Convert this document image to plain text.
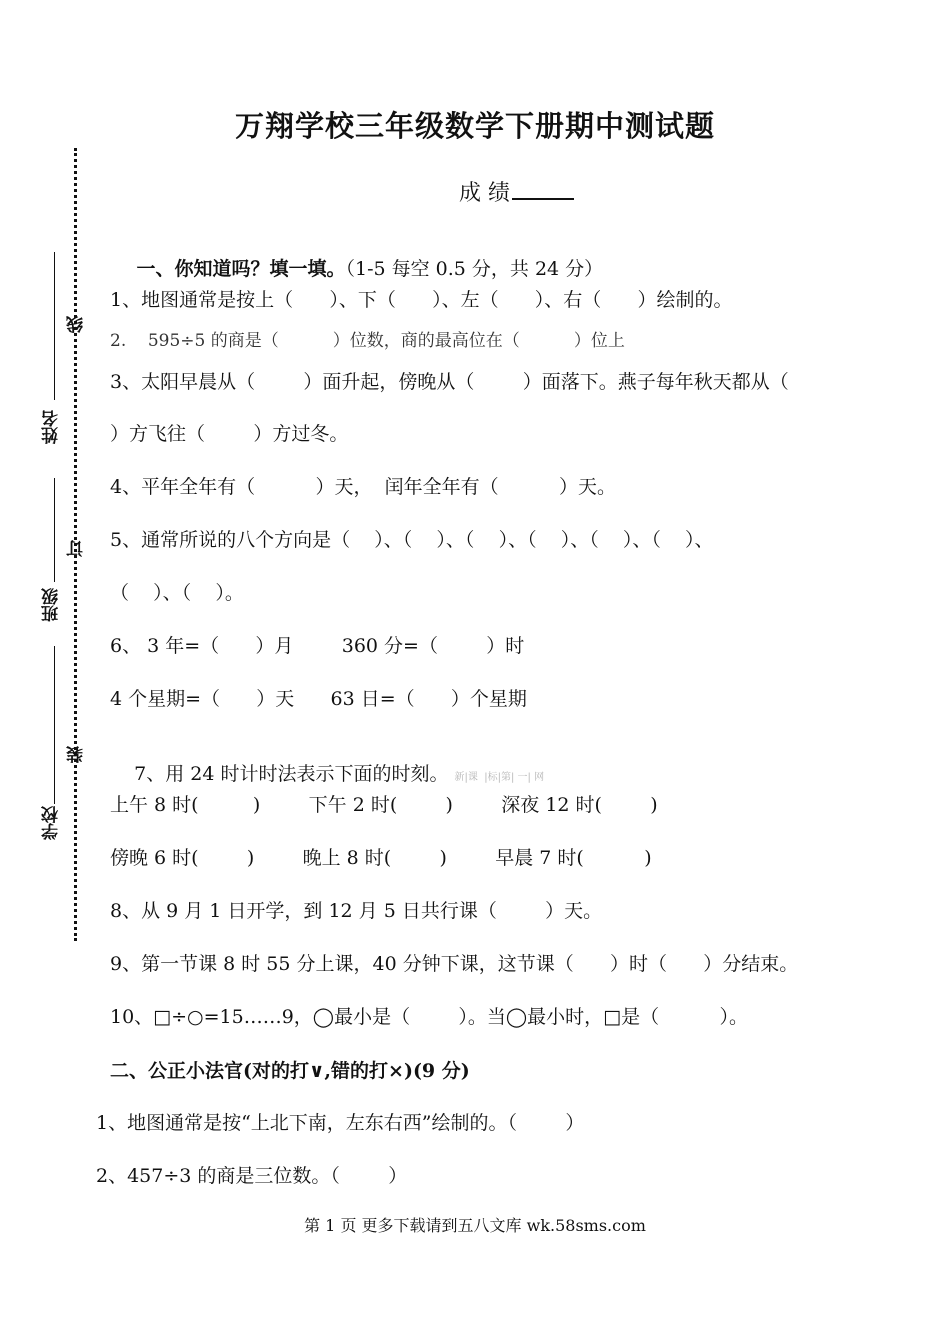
姓名
班级
学校
线
订
装
万翔学校三年级数学下册期中测试题
成 绩

一、你知道吗？填一填。（1-5 每空 0.5 分，共 24 分）

1、地图通常是按上（      ）、下（      ）、左（      ）、右（      ）绘制的。
2.    595÷5 的商是（          ）位数，商的最高位在（          ）位上
3、太阳早晨从（        ）面升起，傍晚从（        ）面落下。燕子每年秋天都从（
）方飞往（        ）方过冬。
4、平年全年有（          ）天，  闰年全年有（          ）天。
5、通常所说的八个方向是（    ）、（    ）、（    ）、（    ）、（    ）、（    ）、
（    ）、（    ）。
6、 3 年=（      ）月        360 分=（        ）时
4 个星期=（      ）天      63 日=（      ）个星期

7、用 24 时计时法表示下面的时刻。 新|课  |标|第| 一| 网

上午 8 时(         )        下午 2 时(        )        深夜 12 时(        )
傍晚 6 时(        )        晚上 8 时(        )        早晨 7 时(          )
8、从 9 月 1 日开学，到 12 月 5 日共行课（        ）天。
9、第一节课 8 时 55 分上课，40 分钟下课，这节课（      ）时（      ）分结束。
10、□÷○=15……9，◯最小是（        ）。当◯最小时，□是（          ）。
二、公正小法官(对的打∨,错的打×)(9 分)
1、地图通常是按“上北下南，左东右西”绘制的。（        ）
2、457÷3 的商是三位数。（        ）
第 1 页 更多下载请到五八文库 wk.58sms.com
